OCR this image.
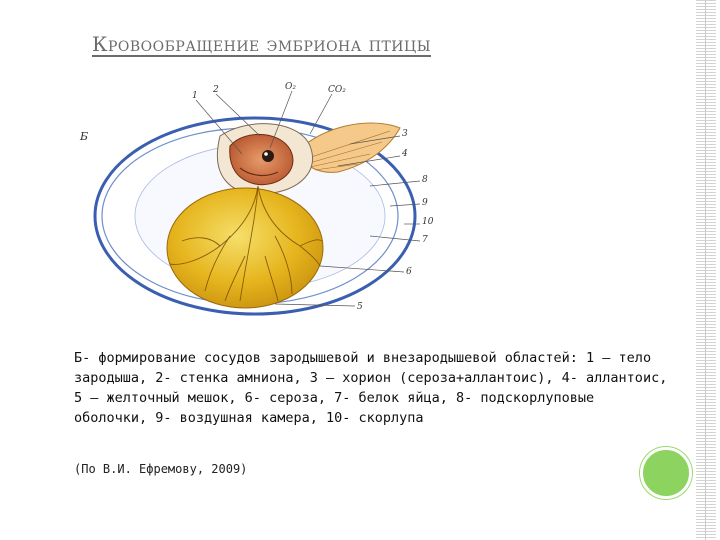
Кровообращение эмбриона птицы
Б
1
2	O₂	CO₂
3
4
8
9
10
7
6
5
Б- формирование сосудов зародышевой и внезародышевой областей: 1 – тело зародыша, 2- стенка амниона, 3 – хорион (сероза+аллантоис), 4- аллантоис, 5 – желточный мешок, 6- сероза, 7- белок яйца, 8- подскорлуповые оболочки, 9- воздушная камера, 10- скорлупа
(По В.И. Ефремову, 2009)
